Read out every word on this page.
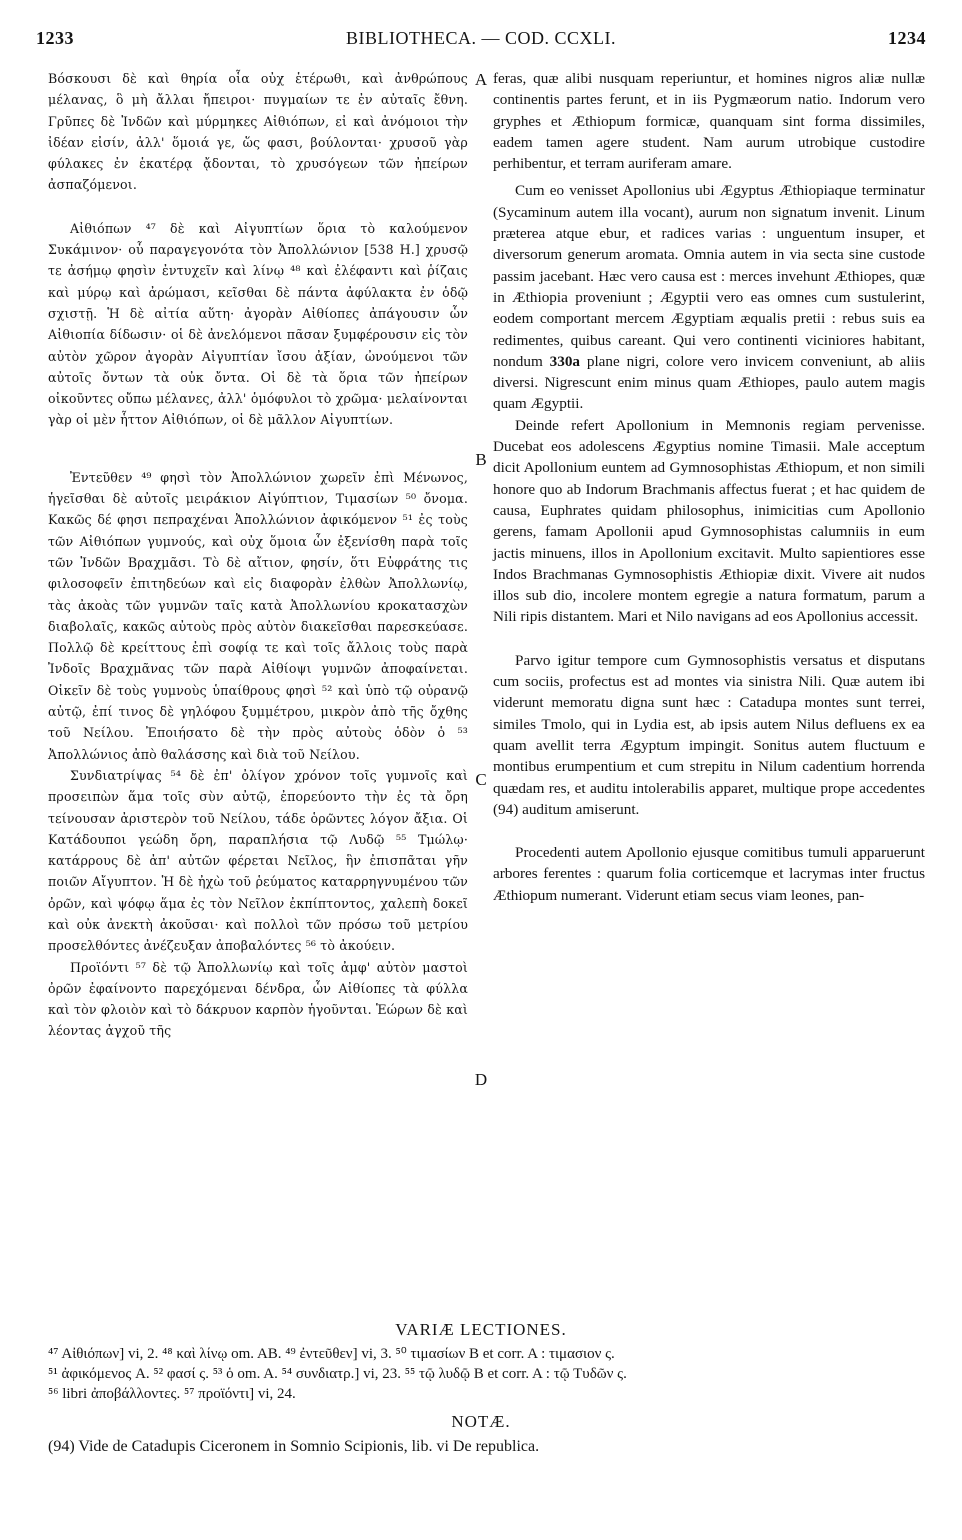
1233	BIBLIOTHECA. — COD. CCXLI.	1234

Βόσκουσι δὲ καὶ θηρία οἷα οὐχ ἑτέρωθι, καὶ ἀνθρώπους μέλανας, ὃ μὴ ἄλλαι ἤπειροι· πυγμαίων τε ἐν αὐταῖς ἔθνη. Γρῦπες δὲ Ἰνδῶν καὶ μύρμηκες Αἰθιόπων, εἰ καὶ ἀνόμοιοι τὴν ἰδέαν εἰσίν, ἀλλ' ὅμοιά γε, ὥς φασι, βούλονται· χρυσοῦ γὰρ φύλακες ἐν ἑκατέρᾳ ᾄδονται, τὸ χρυσόγεων τῶν ἠπείρων ἀσπαζόμενοι.

Αἰθιόπων ⁴⁷ δὲ καὶ Αἰγυπτίων ὅρια τὸ καλούμενον Συκάμινον· οὗ παραγεγονότα τὸν Ἀπολλώνιον [538 H.] χρυσῷ τε ἀσήμῳ φησὶν ἐντυχεῖν καὶ λίνῳ ⁴⁸ καὶ ἐλέφαντι καὶ ῥίζαις καὶ μύρῳ καὶ ἀρώμασι, κεῖσθαι δὲ πάντα ἀφύλακτα ἐν ὁδῷ σχιστῇ. Ἡ δὲ αἰτία αὕτη· ἀγορὰν Αἰθίοπες ἀπάγουσιν ὧν Αἰθιοπία δίδωσιν· οἱ δὲ ἀνελόμενοι πᾶσαν ξυμφέρουσιν εἰς τὸν αὐτὸν χῶρον ἀγορὰν Αἰγυπτίαν ἴσου ἀξίαν, ὠνούμενοι τῶν αὐτοῖς ὄντων τὰ οὐκ ὄντα. Οἱ δὲ τὰ ὅρια τῶν ἠπείρων οἰκοῦντες οὔπω μέλανες, ἀλλ' ὁμόφυλοι τὸ χρῶμα· μελαίνονται γὰρ οἱ μὲν ἧττον Αἰθιόπων, οἱ δὲ μᾶλλον Αἰγυπτίων.

Ἐντεῦθεν ⁴⁹ φησὶ τὸν Ἀπολλώνιον χωρεῖν ἐπὶ Μένωνος, ἡγεῖσθαι δὲ αὐτοῖς μειράκιον Αἰγύπτιον, Τιμασίων ⁵⁰ ὄνομα. Κακῶς δέ φησι πεπραχέναι Ἀπολλώνιον ἀφικόμενον ⁵¹ ἐς τοὺς τῶν Αἰθιόπων γυμνούς, καὶ οὐχ ὅμοια ὧν ἐξενίσθη παρὰ τοῖς τῶν Ἰνδῶν Βραχμᾶσι. Τὸ δὲ αἴτιον, φησίν, ὅτι Εὐφράτης τις φιλοσοφεῖν ἐπιτηδεύων καὶ εἰς διαφορὰν ἐλθὼν Ἀπολλωνίῳ, τὰς ἀκοὰς τῶν γυμνῶν ταῖς κατὰ Ἀπολλωνίου κροκατασχὼν διαβολαῖς, κακῶς αὐτοὺς πρὸς αὐτὸν διακεῖσθαι παρεσκεύασε. Πολλῷ δὲ κρείττους ἐπὶ σοφίᾳ τε καὶ τοῖς ἄλλοις τοὺς παρὰ Ἰνδοῖς Βραχμᾶνας τῶν παρὰ Αἰθίοψι γυμνῶν ἀποφαίνεται. Οἰκεῖν δὲ τοὺς γυμνοὺς ὑπαίθρους φησὶ ⁵² καὶ ὑπὸ τῷ οὐρανῷ αὐτῷ, ἐπί τινος δὲ γηλόφου ξυμμέτρου, μικρὸν ἀπὸ τῆς ὄχθης τοῦ Νείλου. Ἐποιήσατο δὲ τὴν πρὸς αὐτοὺς ὁδὸν ὁ ⁵³ Ἀπολλώνιος ἀπὸ θαλάσσης καὶ διὰ τοῦ Νείλου.

Συνδιατρίψας ⁵⁴ δὲ ἐπ' ὀλίγον χρόνον τοῖς γυμνοῖς καὶ προσειπὼν ἅμα τοῖς σὺν αὐτῷ, ἐπορεύοντο τὴν ἐς τὰ ὄρη τείνουσαν ἀριστερὸν τοῦ Νείλου, τάδε ὁρῶντες λόγον ἄξια. Οἱ Κατάδουποι γεώδη ὄρη, παραπλήσια τῷ Λυδῷ ⁵⁵ Τμώλῳ· κατάρρους δὲ ἀπ' αὐτῶν φέρεται Νεῖλος, ἣν ἐπισπᾶται γῆν ποιῶν Αἴγυπτον. Ἡ δὲ ἠχὼ τοῦ ῥεύματος καταρρηγνυμένου τῶν ὀρῶν, καὶ ψόφῳ ἅμα ἐς τὸν Νεῖλον ἐκπίπτοντος, χαλεπὴ δοκεῖ καὶ οὐκ ἀνεκτὴ ἀκοῦσαι· καὶ πολλοὶ τῶν πρόσω τοῦ μετρίου προσελθόντες ἀνέζευξαν ἀποβαλόντες ⁵⁶ τὸ ἀκούειν.

Προϊόντι ⁵⁷ δὲ τῷ Ἀπολλωνίῳ καὶ τοῖς ἀμφ' αὐτὸν μαστοὶ ὀρῶν ἐφαίνοντο παρεχόμεναι δένδρα, ὧν Αἰθίοπες τὰ φύλλα καὶ τὸν φλοιὸν καὶ τὸ δάκρυον καρπὸν ἡγοῦνται. Ἑώρων δὲ καὶ λέοντας ἀγχοῦ τῆς

A
B
C
D

feras, quæ alibi nusquam reperiuntur, et homines nigros aliæ nullæ continentis partes ferunt, et in iis Pygmæorum natio. Indorum vero gryphes et Æthiopum formicæ, quanquam sint forma dissimiles, eadem tamen agere student. Nam aurum utrobique custodire perhibentur, et terram auriferam amare.

Cum eo venisset Apollonius ubi Ægyptus Æthiopiaque terminatur (Sycaminum autem illa vocant), aurum non signatum invenit. Linum præterea atque ebur, et radices varias : unguentum insuper, et diversorum generum aromata. Omnia autem in via secta sine custode passim jacebant. Hæc vero causa est : merces invehunt Æthiopes, quæ in Æthiopia proveniunt ; Ægyptii vero eas omnes cum sustulerint, eodem comportant mercem Ægyptiam æqualis pretii : rebus suis ea redimentes, quibus careant. Qui vero continenti viciniores habitant, nondum 330a plane nigri, colore vero invicem conveniunt, ab aliis diversi. Nigrescunt enim minus quam Æthiopes, paulo autem magis quam Ægyptii.

Deinde refert Apollonium in Memnonis regiam pervenisse. Ducebat eos adolescens Ægyptius nomine Timasii. Male acceptum dicit Apollonium euntem ad Gymnosophistas Æthiopum, et non simili honore quo ab Indorum Brachmanis affectus fuerat ; et hac quidem de causa, Euphrates quidam philosophus, inimicitias cum Apollonio gerens, famam Apollonii apud Gymnosophistas calumniis in eum jactis minuens, illos in Apollonium excitavit. Multo sapientiores esse Indos Brachmanas Gymnosophistis Æthiopiæ dixit. Vivere ait nudos illos sub dio, incolere montem egregie a natura formatum, parum a Nili ripis distantem. Mari et Nilo navigans ad eos Apollonius accessit.

Parvo igitur tempore cum Gymnosophistis versatus et disputans cum sociis, profectus est ad montes via sinistra Nili. Quæ autem ibi viderunt memoratu digna sunt hæc : Catadupa montes sunt terrei, similes Tmolo, qui in Lydia est, ab ipsis autem Nilus defluens ex ea quam avellit terra Ægyptum impingit. Sonitus autem fluctuum e montibus erumpentium et cum strepitu in Nilum cadentium horrenda quædam res, et auditu intolerabilis apparet, multique prope accedentes (94) auditum amiserunt.

Procedenti autem Apollonio ejusque comitibus tumuli apparuerunt arbores ferentes : quarum folia corticemque et lacrymas inter fructus Æthiopum numerant. Viderunt etiam secus viam leones, pan-

VARIÆ LECTIONES.
⁴⁷ Αἰθιόπων] vi, 2. ⁴⁸ καὶ λίνῳ om. AB. ⁴⁹ ἐντεῦθεν] vi, 3. ⁵⁰ τιμασίων B et corr. A : τιμασιον ς.
⁵¹ ἀφικόμενος A. ⁵² φασί ς. ⁵³ ὁ om. A. ⁵⁴ συνδιατρ.] vi, 23. ⁵⁵ τῷ λυδῷ B et corr. A : τῷ Τυδῶν ς.
⁵⁶ libri ἀποβάλλοντες. ⁵⁷ προϊόντι] vi, 24.
NOTÆ.
(94) Vide de Catadupis Ciceronem in Somnio Scipionis, lib. vi De republica.
